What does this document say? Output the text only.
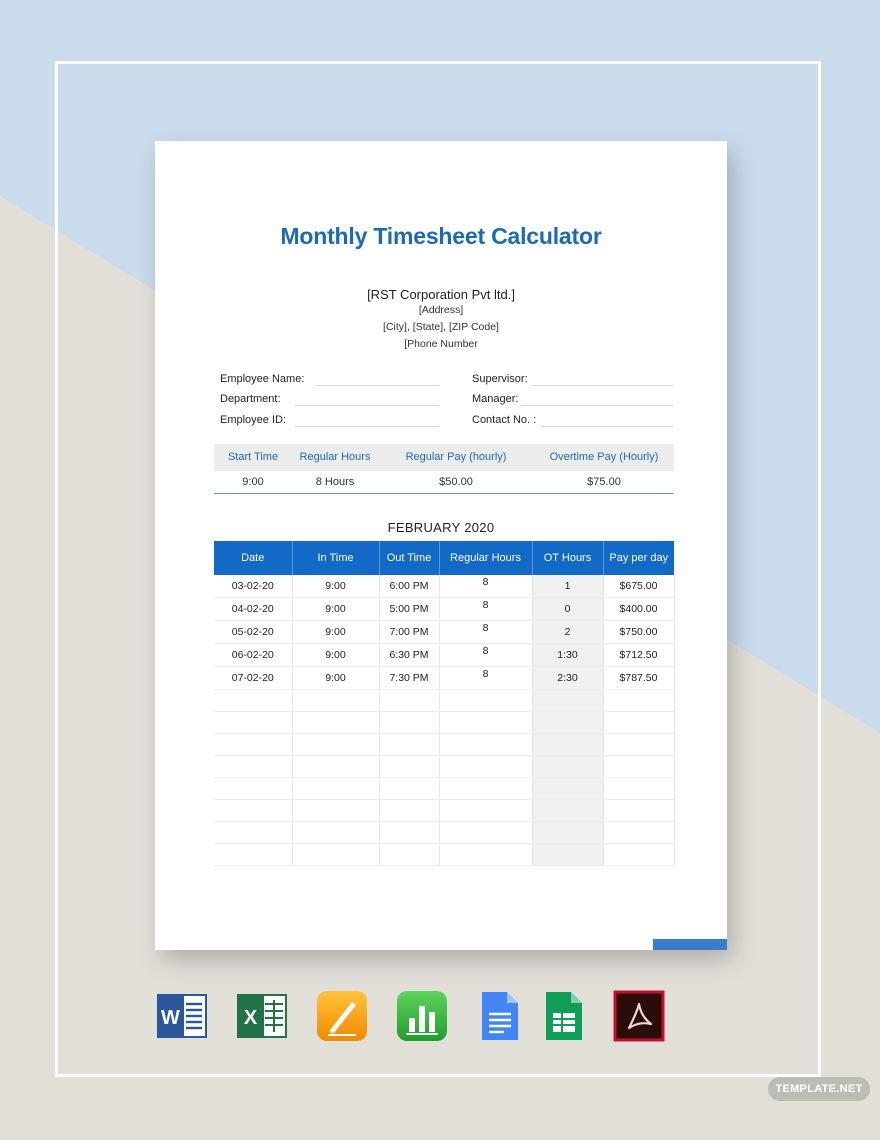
Monthly Timesheet Calculator
[RST Corporation Pvt ltd.]
[Address]
[City], [State], [ZIP Code]
[Phone Number
Employee Name:
Department:
Employee ID:
Supervisor:
Manager:
Contact No. :
Start Time	Regular Hours	Regular Pay (hourly)	Overtime Pay (Hourly)
9:00	8 Hours	$50.00	$75.00
FEBRUARY 2020
Date	In Time	Out Time	Regular Hours	OT Hours	Pay per day
03-02-20	9:00	6:00 PM	8	1	$675.00
04-02-20	9:00	5:00 PM	8	0	$400.00
05-02-20	9:00	7:00 PM	8	2	$750.00
06-02-20	9:00	6:30 PM	8	1:30	$712.50
07-02-20	9:00	7:30 PM	8	2:30	$787.50

W	X
TEMPLATE.NET
